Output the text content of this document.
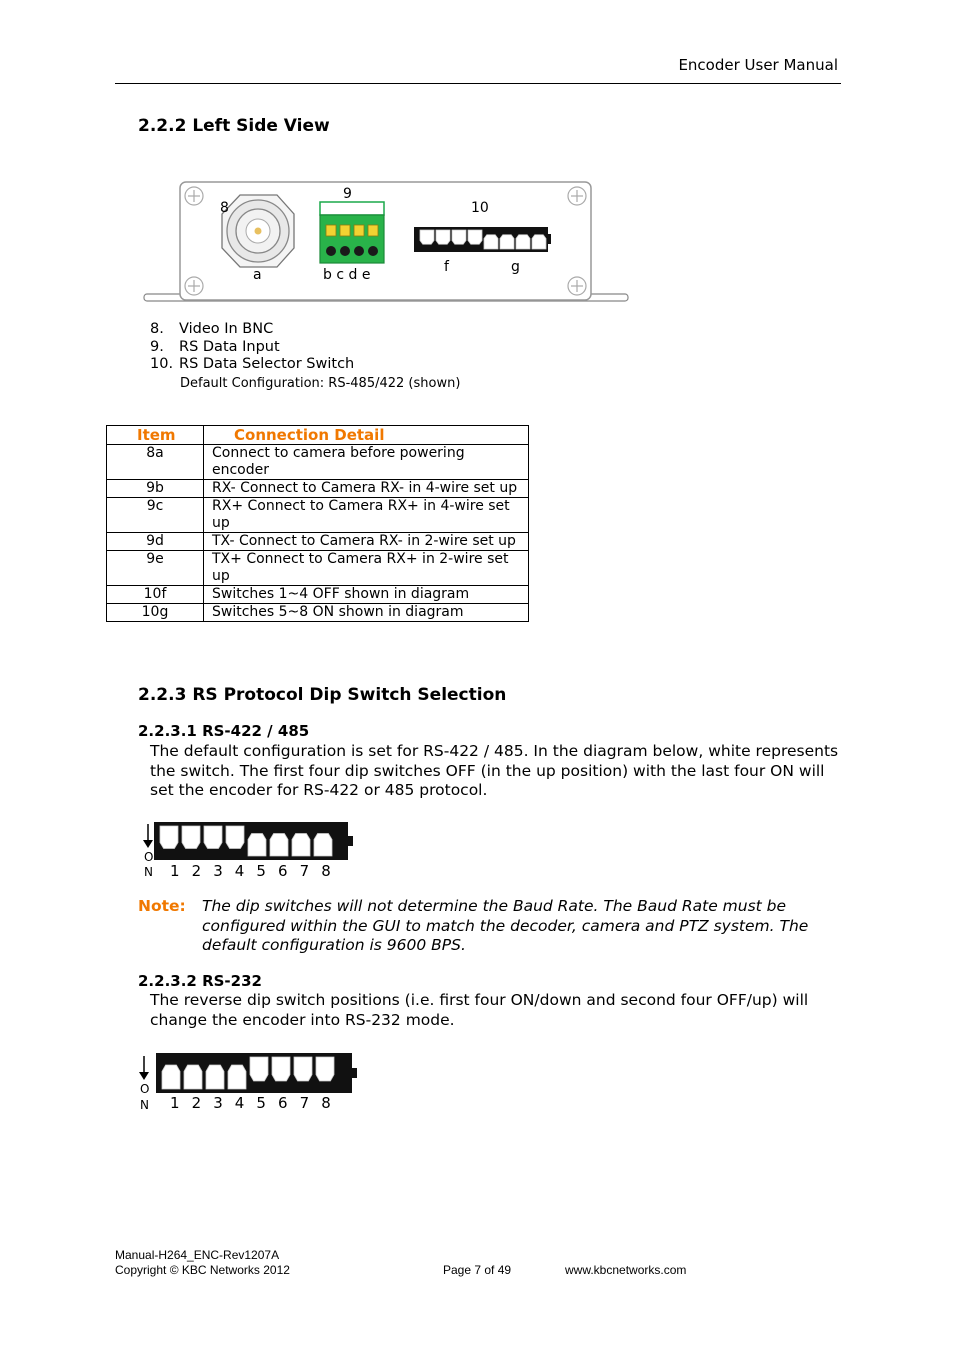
Encoder User Manual
2.2.2 Left Side View
8
9
10
a	b c d e	f	g
8. Video In BNC
9. RS Data Input
10. RS Data Selector Switch
Default Configuration: RS-485/422 (shown)
Item	Connection Detail
8a	Connect to camera before powering encoder
9b	RX- Connect to Camera RX- in 4-wire set up
9c	RX+ Connect to Camera RX+ in 4-wire set up
9d	TX- Connect to Camera RX- in 2-wire set up
9e	TX+ Connect to Camera RX+ in 2-wire set up
10f	Switches 1~4 OFF shown in diagram
10g	Switches 5~8 ON shown in diagram
2.2.3 RS Protocol Dip Switch Selection
2.2.3.1 RS-422 / 485
The default configuration is set for RS-422 / 485. In the diagram below, white represents the switch. The first four dip switches OFF (in the up position) with the last four ON will set the encoder for RS-422 or 485 protocol.
O
N 1 2 3 4 5 6 7 8
Note: The dip switches will not determine the Baud Rate. The Baud Rate must be configured within the GUI to match the decoder, camera and PTZ system. The default configuration is 9600 BPS.
2.2.3.2 RS-232
The reverse dip switch positions (i.e. first four ON/down and second four OFF/up) will change the encoder into RS-232 mode.
O
N 1 2 3 4 5 6 7 8
Manual-H264_ENC-Rev1207A
Copyright © KBC Networks 2012	Page 7 of 49	www.kbcnetworks.com
